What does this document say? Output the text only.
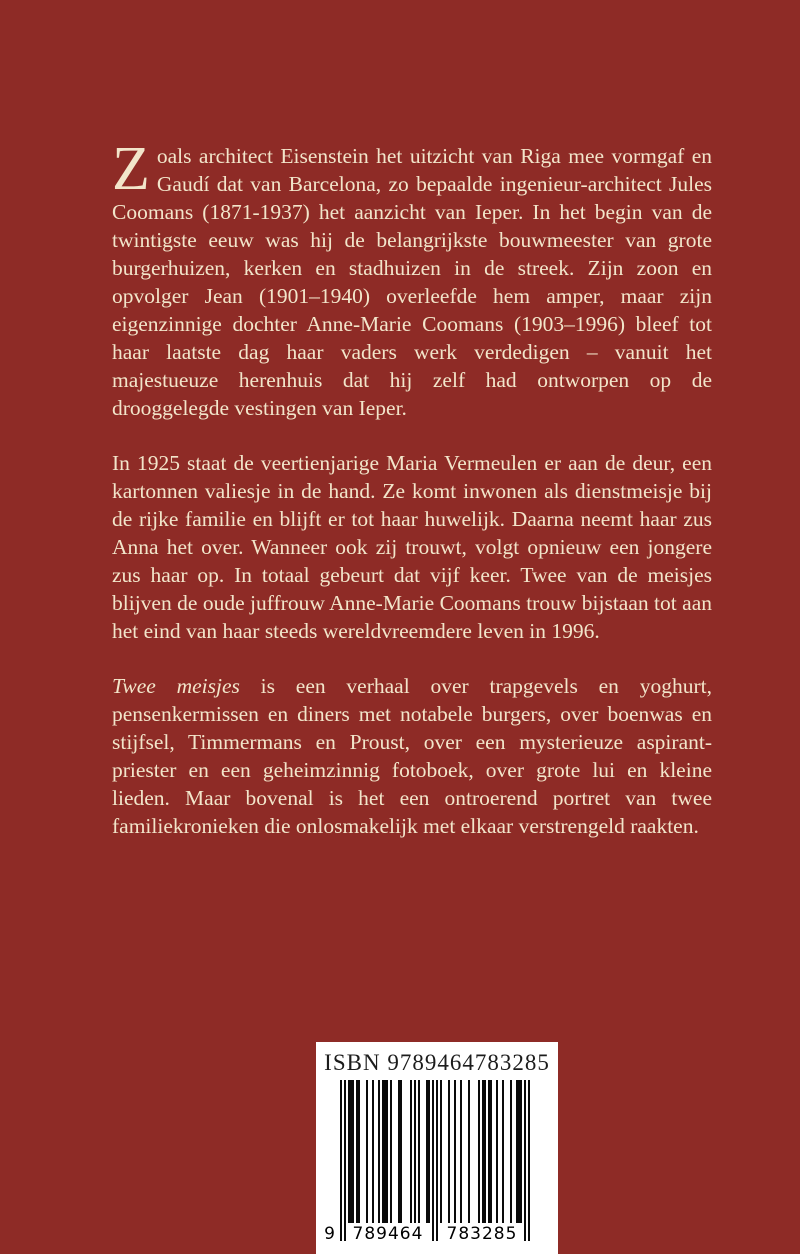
Zoals architect Eisenstein het uitzicht van Riga mee vormgaf en Gaudí dat van Barcelona, zo bepaalde ingenieur-architect Jules Coomans (1871-1937) het aanzicht van Ieper. In het begin van de twintigste eeuw was hij de belangrijkste bouwmeester van grote burgerhuizen, kerken en stadhuizen in de streek. Zijn zoon en opvolger Jean (1901–1940) overleefde hem amper, maar zijn eigenzinnige dochter Anne-Marie Coomans (1903–1996) bleef tot haar laatste dag haar vaders werk verdedigen – vanuit het majestueuze herenhuis dat hij zelf had ontworpen op de drooggelegde vestingen van Ieper.

In 1925 staat de veertienjarige Maria Vermeulen er aan de deur, een kartonnen valiesje in de hand. Ze komt inwonen als dienstmeisje bij de rijke familie en blijft er tot haar huwelijk. Daarna neemt haar zus Anna het over. Wanneer ook zij trouwt, volgt opnieuw een jongere zus haar op. In totaal gebeurt dat vijf keer. Twee van de meisjes blijven de oude juffrouw Anne-Marie Coomans trouw bijstaan tot aan het eind van haar steeds wereldvreemdere leven in 1996.

Twee meisjes is een verhaal over trapgevels en yoghurt, pensenkermissen en diners met notabele burgers, over boenwas en stijfsel, Timmermans en Proust, over een mysterieuze aspirant-priester en een geheimzinnig fotoboek, over grote lui en kleine lieden. Maar bovenal is het een ontroerend portret van twee familiekronieken die onlosmakelijk met elkaar verstrengeld raakten.

ISBN 9789464783285
9	789464	783285
